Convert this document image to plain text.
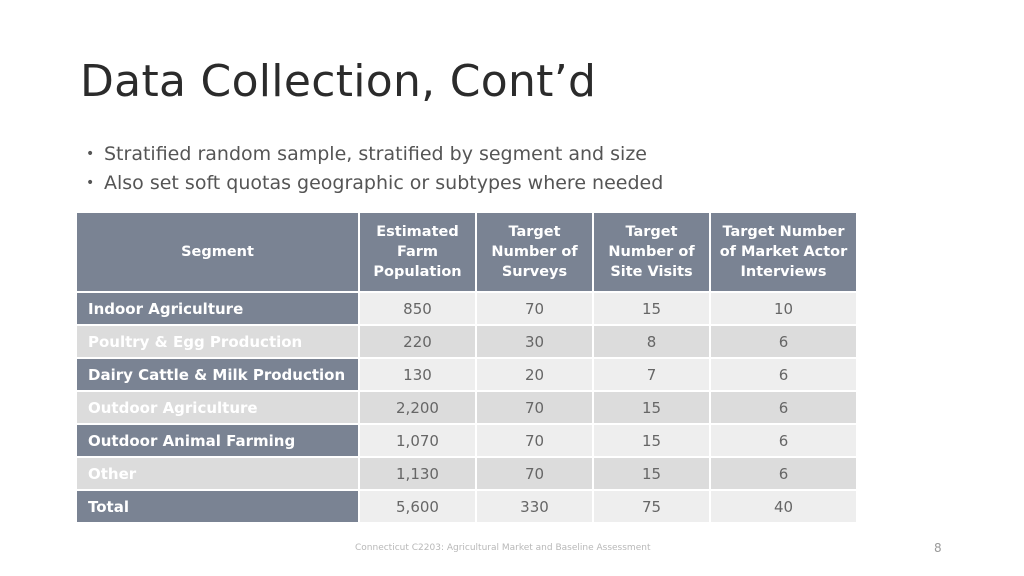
Data Collection, Cont’d
• Stratified random sample, stratified by segment and size
• Also set soft quotas geographic or subtypes where needed
Segment	Estimated Farm Population	Target Number of Surveys	Target Number of Site Visits	Target Number of Market Actor Interviews
Indoor Agriculture	850	70	15	10
Poultry & Egg Production	220	30	8	6
Dairy Cattle & Milk Production	130	20	7	6
Outdoor Agriculture	2,200	70	15	6
Outdoor Animal Farming	1,070	70	15	6
Other	1,130	70	15	6
Total	5,600	330	75	40
Connecticut C2203: Agricultural Market and Baseline Assessment	8
